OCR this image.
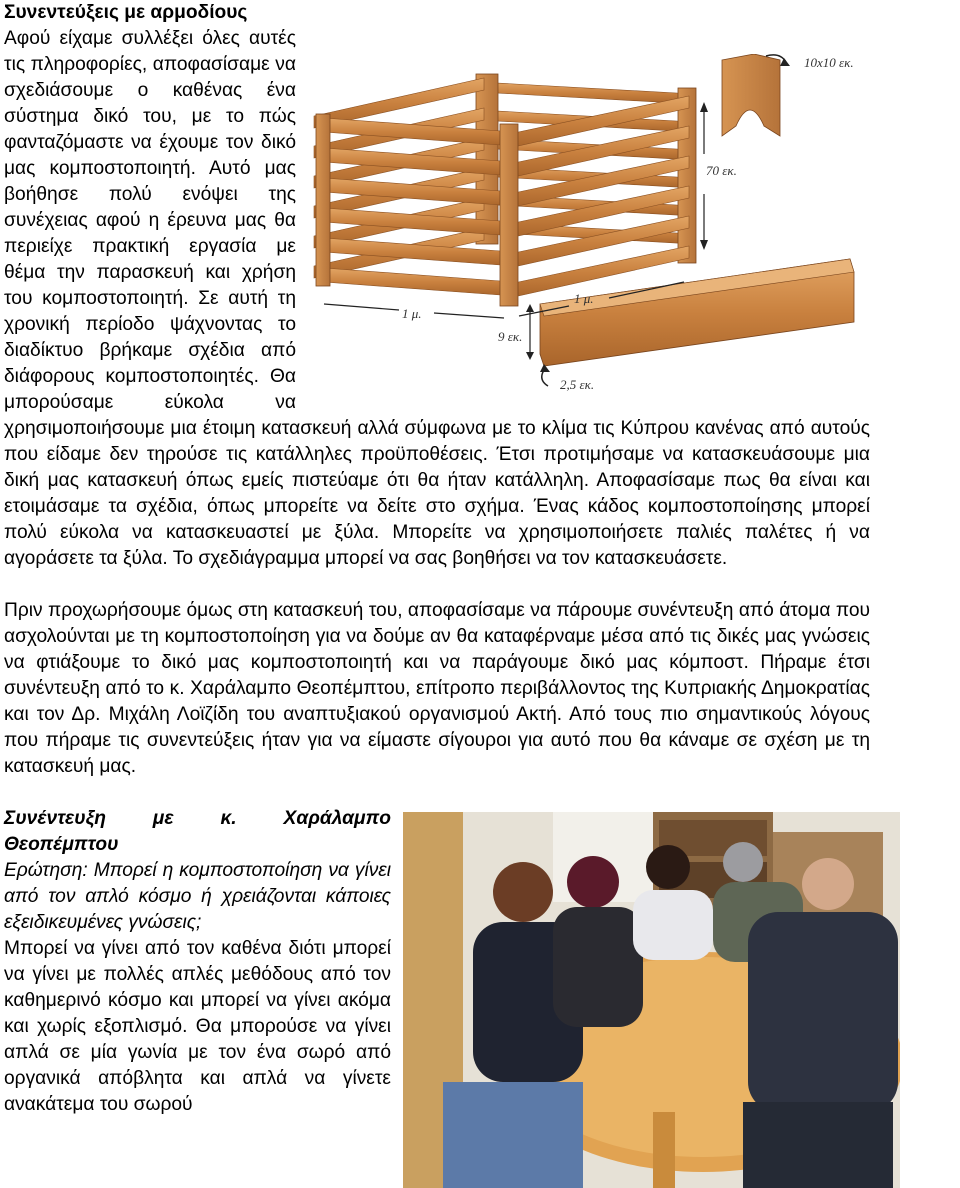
Συνεντεύξεις με αρμοδίους
10x10 εκ.
70 εκ.
1 μ.
1 μ.
9 εκ.
2,5 εκ.
Αφού είχαμε συλλέξει όλες αυτές τις πληροφορίες, αποφασίσαμε να σχεδιάσουμε ο καθένας ένα σύστημα δικό του, με το πώς φανταζόμαστε να έχουμε τον δικό μας κομποστοποιητή. Αυτό μας βοήθησε πολύ ενόψει της συνέχειας αφού η έρευνα μας θα περιείχε πρακτική εργασία με θέμα την παρασκευή και χρήση του κομποστοποιητή. Σε αυτή τη χρονική περίοδο ψάχνοντας το διαδίκτυο βρήκαμε σχέδια από διάφορους κομποστοποιητές. Θα μπορούσαμε εύκολα να χρησιμοποιήσουμε μια έτοιμη κατασκευή αλλά σύμφωνα με το κλίμα τις Κύπρου κανένας από αυτούς που είδαμε δεν τηρούσε τις κατάλληλες προϋποθέσεις. Έτσι προτιμήσαμε να κατασκευάσουμε μια δική μας κατασκευή όπως εμείς πιστεύαμε ότι θα ήταν κατάλληλη. Αποφασίσαμε πως θα είναι και ετοιμάσαμε τα σχέδια, όπως μπορείτε να δείτε στο σχήμα. Ένας κάδος κομποστοποίησης μπορεί πολύ εύκολα να κατασκευαστεί με ξύλα. Μπορείτε να χρησιμοποιήσετε παλιές παλέτες ή να αγοράσετε τα ξύλα. Το σχεδιάγραμμα μπορεί να σας βοηθήσει να τον κατασκευάσετε.
Πριν προχωρήσουμε όμως στη κατασκευή του, αποφασίσαμε να πάρουμε συνέντευξη από άτομα που ασχολούνται με τη κομποστοποίηση για να δούμε αν θα καταφέρναμε μέσα από τις δικές μας γνώσεις να φτιάξουμε το δικό μας κομποστοποιητή και να παράγουμε δικό μας κόμποστ. Πήραμε έτσι συνέντευξη από το κ. Χαράλαμπο Θεοπέμπτου, επίτροπο περιβάλλοντος της Κυπριακής Δημοκρατίας και τον Δρ. Μιχάλη Λοϊζίδη του αναπτυξιακού οργανισμού Ακτή. Από τους πιο σημαντικούς λόγους που πήραμε τις συνεντεύξεις ήταν για να είμαστε σίγουροι για αυτό που θα κάναμε σε σχέση με τη κατασκευή μας.
Συνέντευξη με κ. Χαράλαμπο
Θεοπέμπτου
Ερώτηση: Μπορεί η κομποστοποίηση να γίνει από τον απλό κόσμο ή χρειάζονται κάποιες εξειδικευμένες γνώσεις;
Μπορεί να γίνει από τον καθένα διότι μπορεί να γίνει με πολλές απλές μεθόδους από τον καθημερινό κόσμο και μπορεί να γίνει ακόμα και χωρίς εξοπλισμό. Θα μπορούσε να γίνει απλά σε μία γωνία με τον ένα σωρό από οργανικά απόβλητα και απλά να γίνετε ανακάτεμα του σωρού
